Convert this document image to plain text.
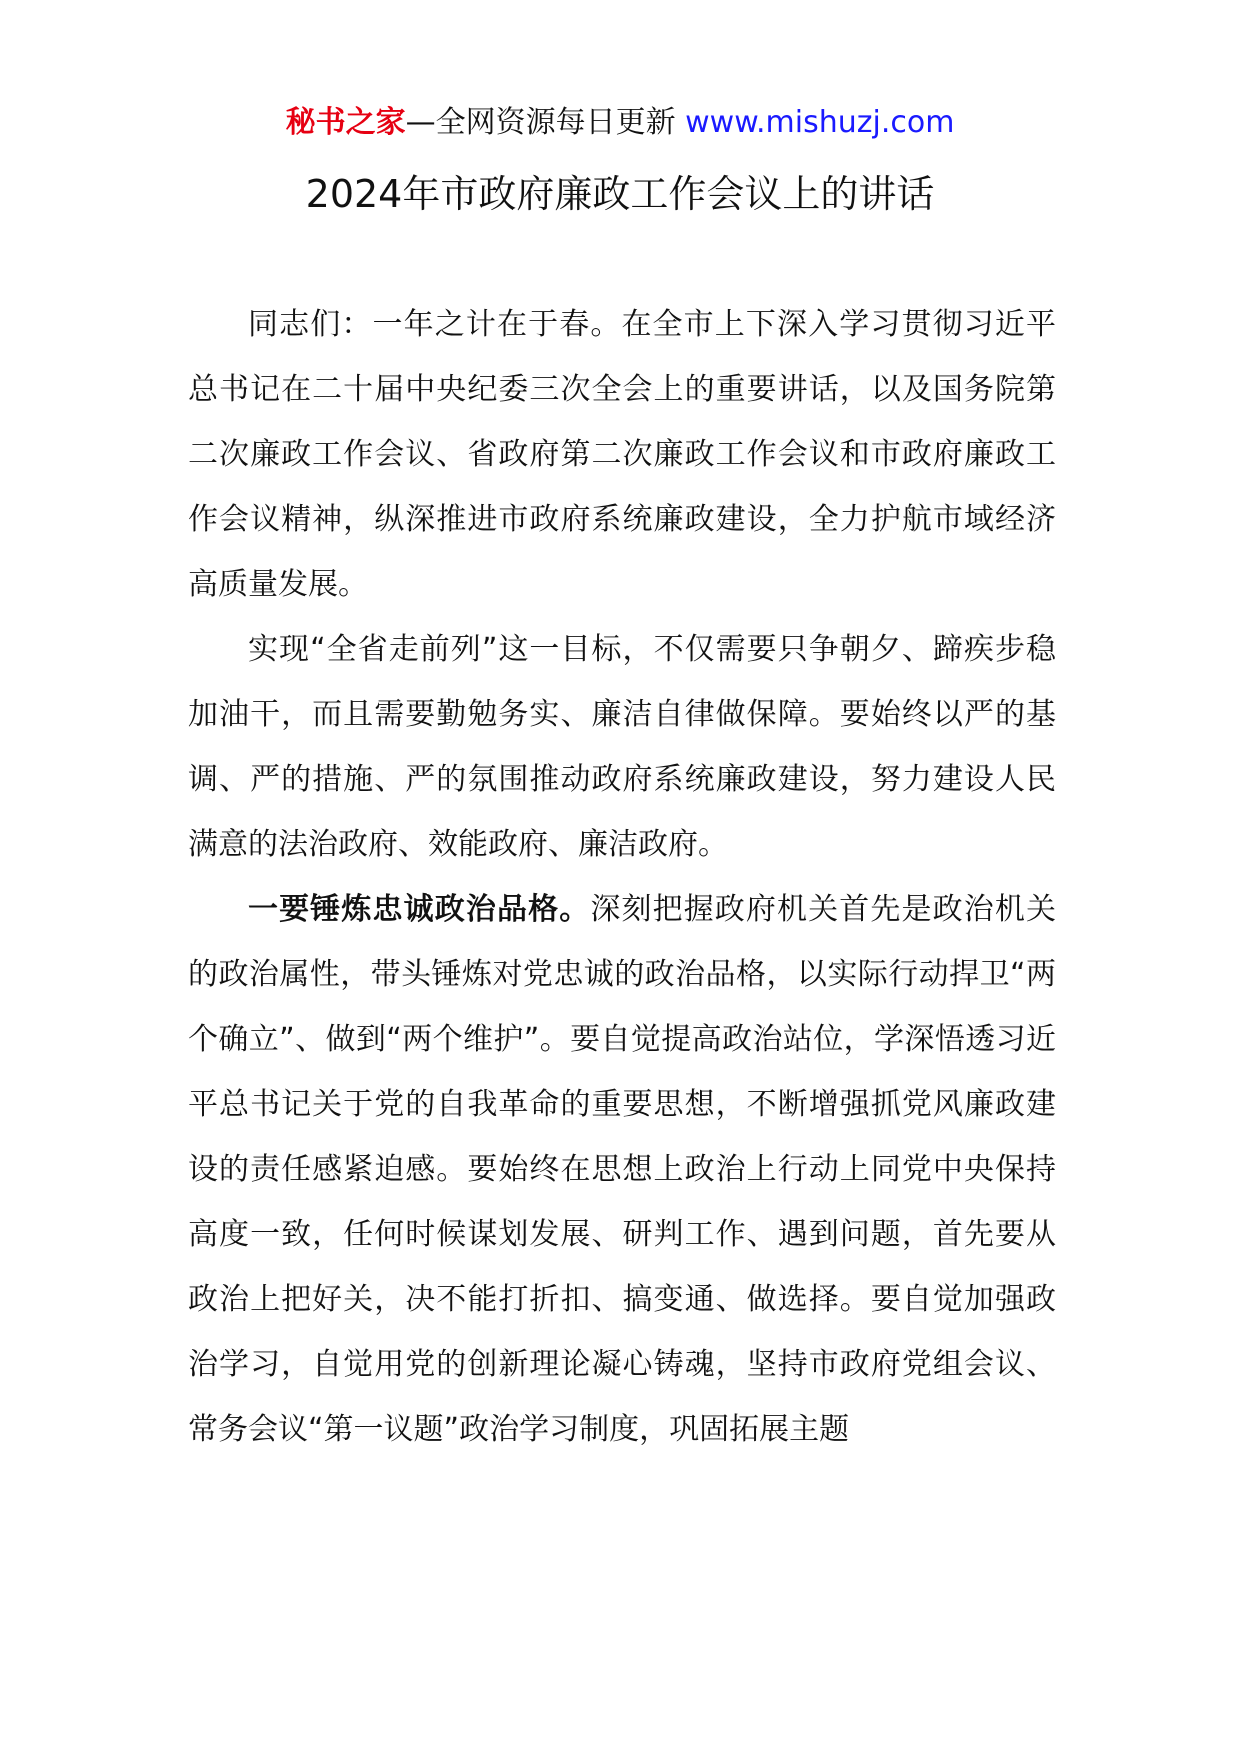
秘书之家—全网资源每日更新 www.mishuzj.com
2024年市政府廉政工作会议上的讲话

同志们：一年之计在于春。在全市上下深入学习贯彻习近平总书记在二十届中央纪委三次全会上的重要讲话，以及国务院第二次廉政工作会议、省政府第二次廉政工作会议和市政府廉政工作会议精神，纵深推进市政府系统廉政建设，全力护航市域经济高质量发展。

实现“全省走前列”这一目标，不仅需要只争朝夕、蹄疾步稳加油干，而且需要勤勉务实、廉洁自律做保障。要始终以严的基调、严的措施、严的氛围推动政府系统廉政建设，努力建设人民满意的法治政府、效能政府、廉洁政府。

一要锤炼忠诚政治品格。深刻把握政府机关首先是政治机关的政治属性，带头锤炼对党忠诚的政治品格，以实际行动捍卫“两个确立”、做到“两个维护”。要自觉提高政治站位，学深悟透习近平总书记关于党的自我革命的重要思想，不断增强抓党风廉政建设的责任感紧迫感。要始终在思想上政治上行动上同党中央保持高度一致，任何时候谋划发展、研判工作、遇到问题，首先要从政治上把好关，决不能打折扣、搞变通、做选择。要自觉加强政治学习，自觉用党的创新理论凝心铸魂，坚持市政府党组会议、常务会议“第一议题”政治学习制度，巩固拓展主题
